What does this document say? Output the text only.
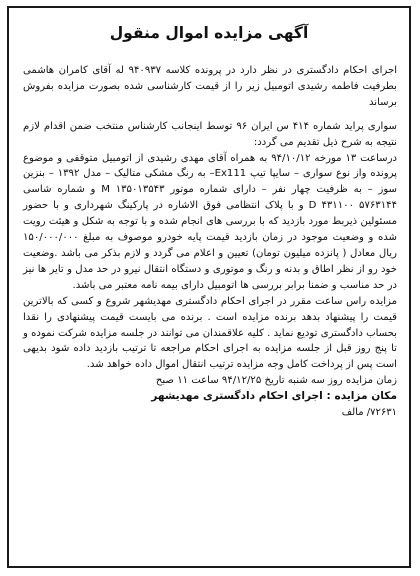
آگهی مزایده اموال منقول

اجرای احکام دادگستری در نظر دارد در پرونده کلاسه ۹۴۰۹۳۷ له آقای کامران هاشمی بطرفیت فاطمه رشیدی اتومبیل زیر را از قیمت کارشناسی شده بصورت مزایده بفروش برساند

سواری پراید شماره ۴۱۴ س ایران ۹۶ توسط اینجانب کارشناس منتخب ضمن اقدام لازم نتیجه به شرح ذیل تقدیم می گردد:

درساعت ۱۳ مورخه ۹۴/۱۰/۱۲ به همراه آقای مهدی رشیدی از اتومبیل متوقفی و موضوع پرونده واز نوع سواری – سایپا تیپ Ex111– به رنگ مشکی متالیک – مدل ۱۳۹۲ – بنزین سوز – به ظرفیت چهار نفر – دارای شماره موتور M ۱۳۵۰۱۳۵۴۳ و شماره شاسی ۵۷۶۳۱۴۴ D ۴۳۱۱۰۰ و با پلاک انتظامی فوق الاشاره در پارکینگ شهرداری و با حضور مسئولین ذیربط مورد بازدید که با بررسی های انجام شده و با توجه به شکل و هیئت رویت شده و وضعیت موجود در زمان بازدید قیمت پایه خودرو موصوف به مبلغ ۱۵۰/۰۰۰/۰۰۰ ریال معادل ( پانزده میلیون تومان) تعیین و اعلام می گردد و لازم بذکر می باشد .وضعیت خود رو از نظر اطاق و بدنه و رنگ و موتوری و دستگاه انتقال نیرو در حد مدل و تایر ها نیز در حد مناسب و ضمنا برابر بررسی ها اتومبیل دارای بیمه نامه معتبر می باشد.

مزایده راس ساعت مقرر در اجرای احکام دادگستری مهدیشهر شروع و کسی که بالاترین قیمت را پیشنهاد بدهد برنده مزایده است . برنده می بایست قیمت پیشنهادی را نقدا بحساب دادگستری تودیع نماید . کلیه علاقمندان می توانند در جلسه مزایده شرکت نموده و تا پنج روز قبل از جلسه مزایده به اجرای احکام مراجعه تا ترتیب بازدید داده شود بدیهی است پس از پرداخت کامل وجه مزایده ترتیب انتقال اموال داده خواهد شد.

زمان مزایده روز سه شنبه تاریخ ۹۴/۱۲/۲۵ ساعت ۱۱ صبح

مکان مزایده : اجرای احکام دادگستری مهدیشهر

۷۲۶۳۱/ مالف
